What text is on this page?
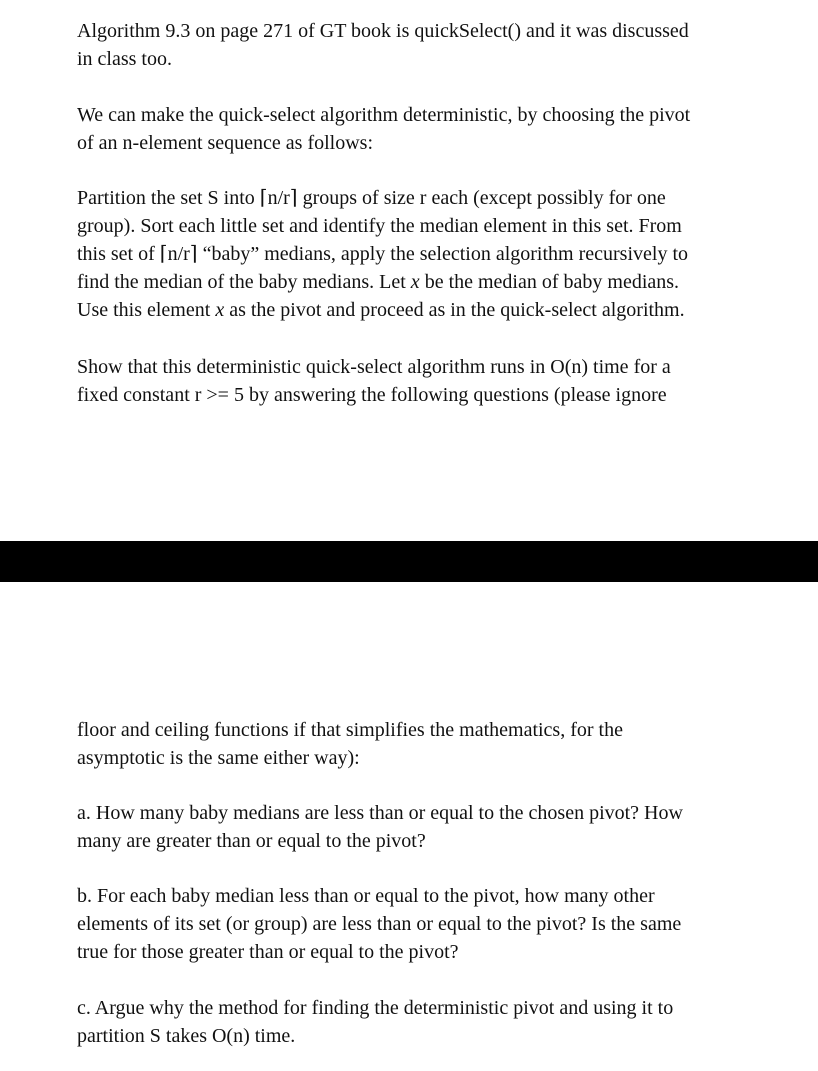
Algorithm 9.3 on page 271 of GT book is quickSelect() and it was discussed
in class too.

We can make the quick-select algorithm deterministic, by choosing the pivot
of an n-element sequence as follows:

Partition the set S into ⌈n/r⌉ groups of size r each (except possibly for one
group). Sort each little set and identify the median element in this set. From
this set of ⌈n/r⌉ “baby” medians, apply the selection algorithm recursively to
find the median of the baby medians. Let x be the median of baby medians.
Use this element x as the pivot and proceed as in the quick-select algorithm.

Show that this deterministic quick-select algorithm runs in O(n) time for a
fixed constant r >= 5 by answering the following questions (please ignore

floor and ceiling functions if that simplifies the mathematics, for the
asymptotic is the same either way):

a. How many baby medians are less than or equal to the chosen pivot? How
many are greater than or equal to the pivot?

b. For each baby median less than or equal to the pivot, how many other
elements of its set (or group) are less than or equal to the pivot? Is the same
true for those greater than or equal to the pivot?

c. Argue why the method for finding the deterministic pivot and using it to
partition S takes O(n) time.
